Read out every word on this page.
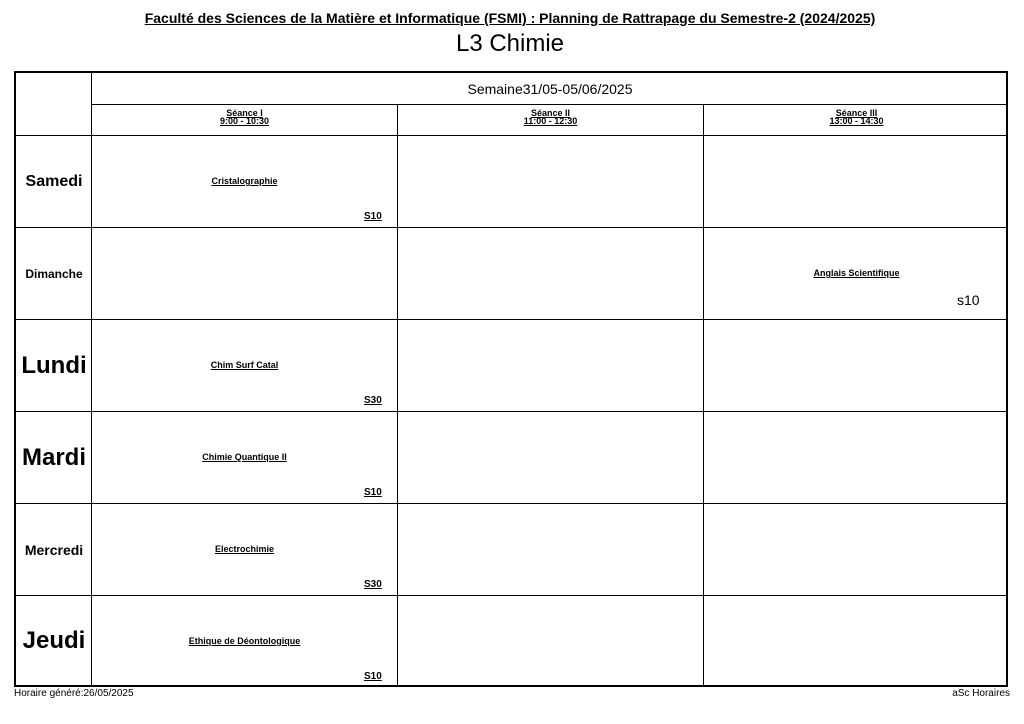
Faculté des Sciences de la Matière et Informatique (FSMI) : Planning de Rattrapage du Semestre-2 (2024/2025)
L3 Chimie
Semaine31/05-05/06/2025
Séance I
9:00 - 10:30
Séance II
11:00 - 12:30
Séance III
13:00 - 14:30
Samedi
Dimanche
Lundi
Mardi
Mercredi
Jeudi
Cristalographie
S10
Anglais Scientifique
s10
Chim Surf Catal
S30
Chimie Quantique II
S10
Electrochimie
S30
Ethique de Déontologique
S10
Horaire généré:26/05/2025	aSc Horaires
